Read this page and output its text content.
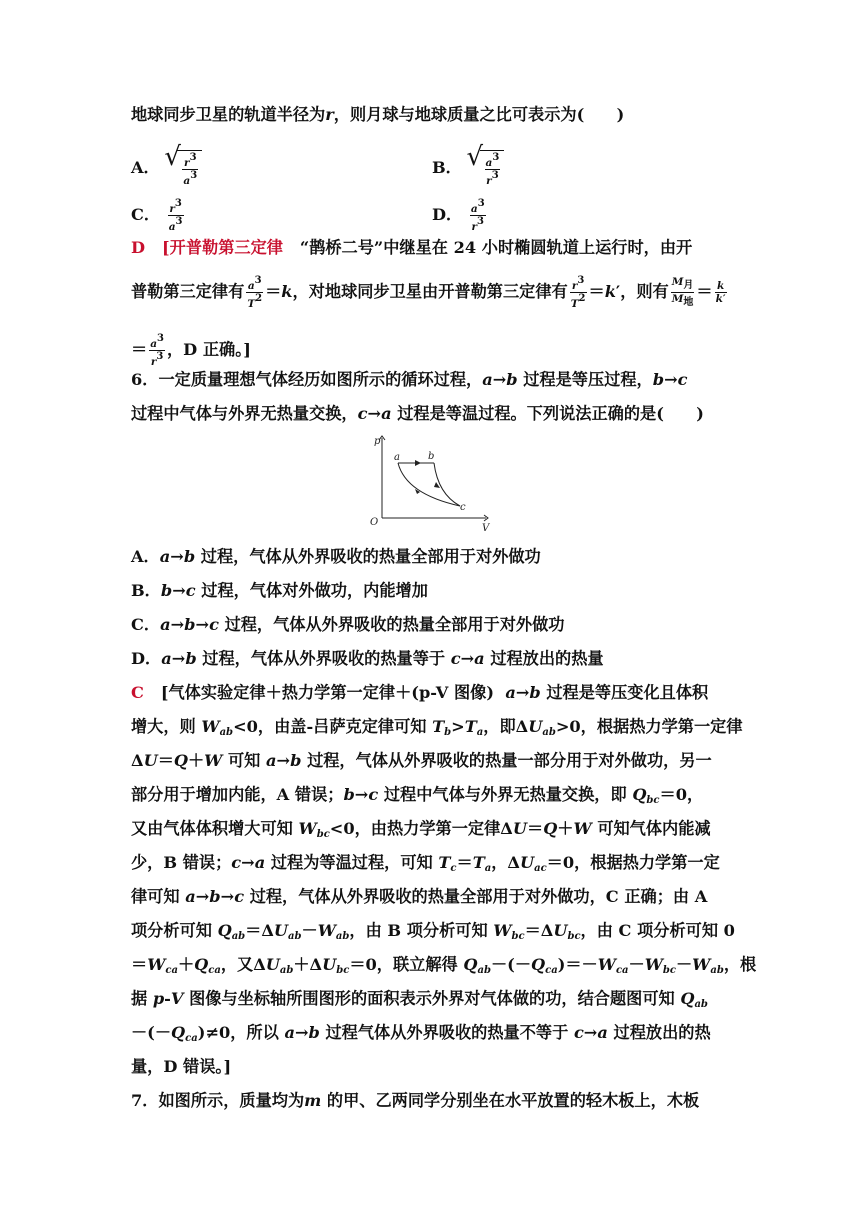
地球同步卫星的轨道半径为r，则月球与地球质量之比可表示为(　　)
A． √ $\frac{r^3}{a^3}$	B． √ $\frac{a^3}{r^3}$
C． $\frac{r^3}{a^3}$	D． $\frac{a^3}{r^3}$
D [开普勒第三定律 “鹊桥二号”中继星在 24 小时椭圆轨道上运行时，由开
普勒第三定律有 $\frac{a^3}{T^2} =k$，对地球同步卫星由开普勒第三定律有 $\frac{r^3}{T^2} =k'$，则有 $\frac{M_月}{M_地} = \frac{k}{k'}$
＝ $\frac{a^3}{r^3}$ ，D 正确。]
6．一定质量理想气体经历如图所示的循环过程，a→b 过程是等压过程，b→c
过程中气体与外界无热量交换，c→a 过程是等温过程。下列说法正确的是(　　)
p
V
O
a	b
c
A．a→b 过程，气体从外界吸收的热量全部用于对外做功
B．b→c 过程，气体对外做功，内能增加
C．a→b→c 过程，气体从外界吸收的热量全部用于对外做功
D．a→b 过程，气体从外界吸收的热量等于 c→a 过程放出的热量
C [气体实验定律＋热力学第一定律＋(p-V 图像) a→b 过程是等压变化且体积
增大，则 $W_{ab}<0$，由盖-吕萨克定律可知 $T_b>T_a$，即$\Delta U_{ab}>0$，根据热力学第一定律
ΔU＝Q＋W 可知 a→b 过程，气体从外界吸收的热量一部分用于对外做功，另一
部分用于增加内能，A 错误；b→c 过程中气体与外界无热量交换，即 $Q_{bc}=0$，
又由气体体积增大可知 $W_{bc}<0$，由热力学第一定律ΔU＝Q＋W 可知气体内能减
少，B 错误；c→a 过程为等温过程，可知 $T_c=T_a$，$\Delta U_{ac}=0$，根据热力学第一定
律可知 a→b→c 过程，气体从外界吸收的热量全部用于对外做功，C 正确；由 A
项分析可知 $Q_{ab}=\Delta U_{ab}-W_{ab}$，由 B 项分析可知 $W_{bc}=\Delta U_{bc}$，由 C 项分析可知 0
$=W_{ca}+Q_{ca}$，又$\Delta U_{ab}+\Delta U_{bc}=0$，联立解得 $Q_{ab}-(-Q_{ca})=-W_{ca}-W_{bc}-W_{ab}$，根
据 p-V 图像与坐标轴所围图形的面积表示外界对气体做的功，结合题图可知 $Q_{ab}$
$-(-Q_{ca})\ne 0$，所以 a→b 过程气体从外界吸收的热量不等于 c→a 过程放出的热
量，D 错误。]
7．如图所示，质量均为m 的甲、乙两同学分别坐在水平放置的轻木板上，木板
